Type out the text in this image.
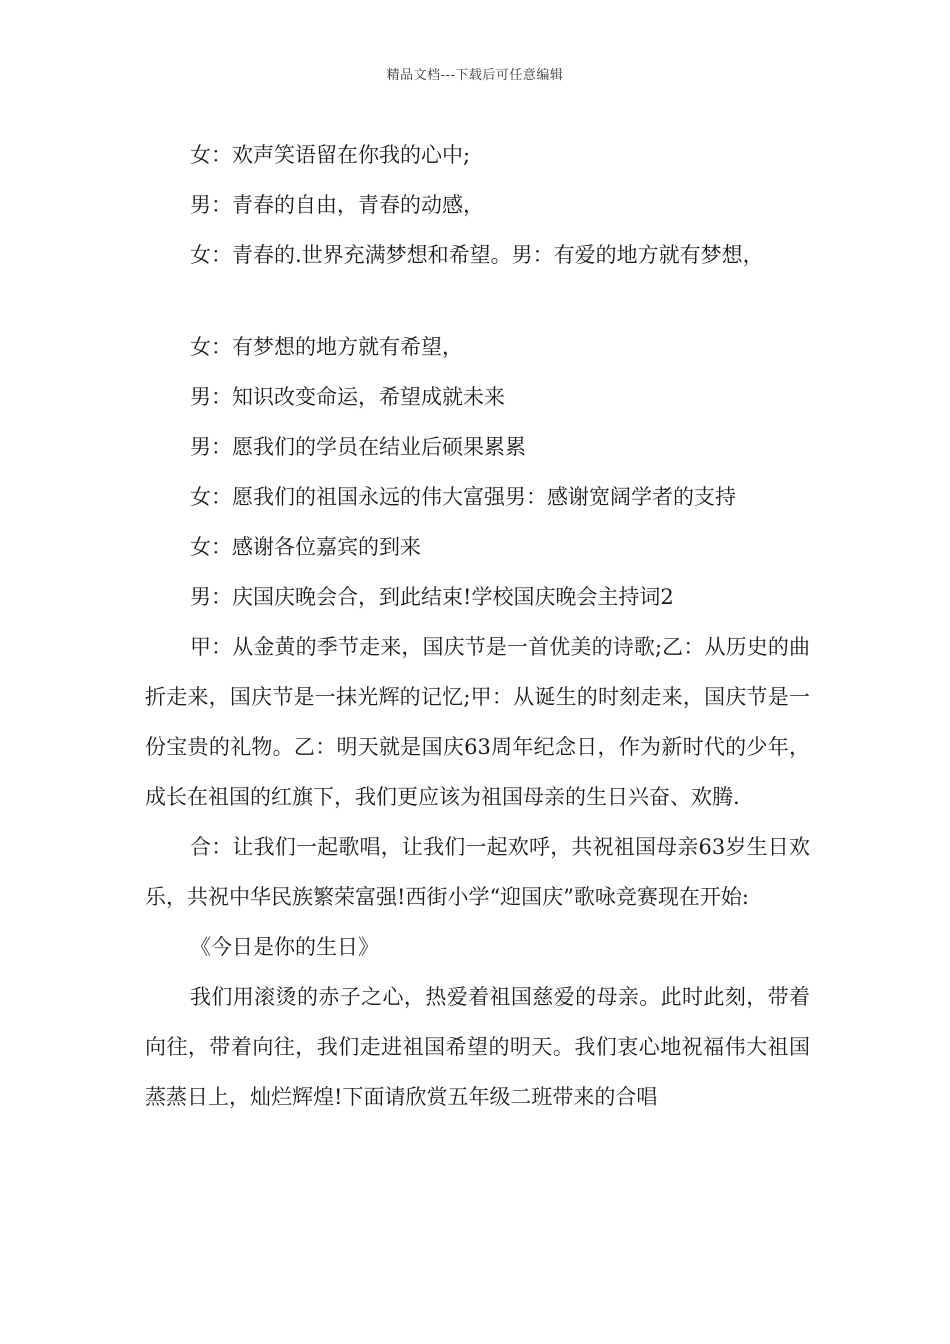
精品文档---下载后可任意编辑
女：欢声笑语留在你我的心中;
男：青春的自由，青春的动感，
女：青春的.世界充满梦想和希望。男：有爱的地方就有梦想，
女：有梦想的地方就有希望，
男：知识改变命运，希望成就未来
男：愿我们的学员在结业后硕果累累
女：愿我们的祖国永远的伟大富强男：感谢宽阔学者的支持
女：感谢各位嘉宾的到来
男：庆国庆晚会合，到此结束!学校国庆晚会主持词2
甲：从金黄的季节走来，国庆节是一首优美的诗歌;乙：从历史的曲折走来，国庆节是一抹光辉的记忆;甲：从诞生的时刻走来，国庆节是一份宝贵的礼物。乙：明天就是国庆63周年纪念日，作为新时代的少年，成长在祖国的红旗下，我们更应该为祖国母亲的生日兴奋、欢腾.
合：让我们一起歌唱，让我们一起欢呼，共祝祖国母亲63岁生日欢乐，共祝中华民族繁荣富强!西街小学“迎国庆”歌咏竞赛现在开始:
《今日是你的生日》
我们用滚烫的赤子之心，热爱着祖国慈爱的母亲。此时此刻，带着向往，带着向往，我们走进祖国希望的明天。我们衷心地祝福伟大祖国蒸蒸日上，灿烂辉煌!下面请欣赏五年级二班带来的合唱
